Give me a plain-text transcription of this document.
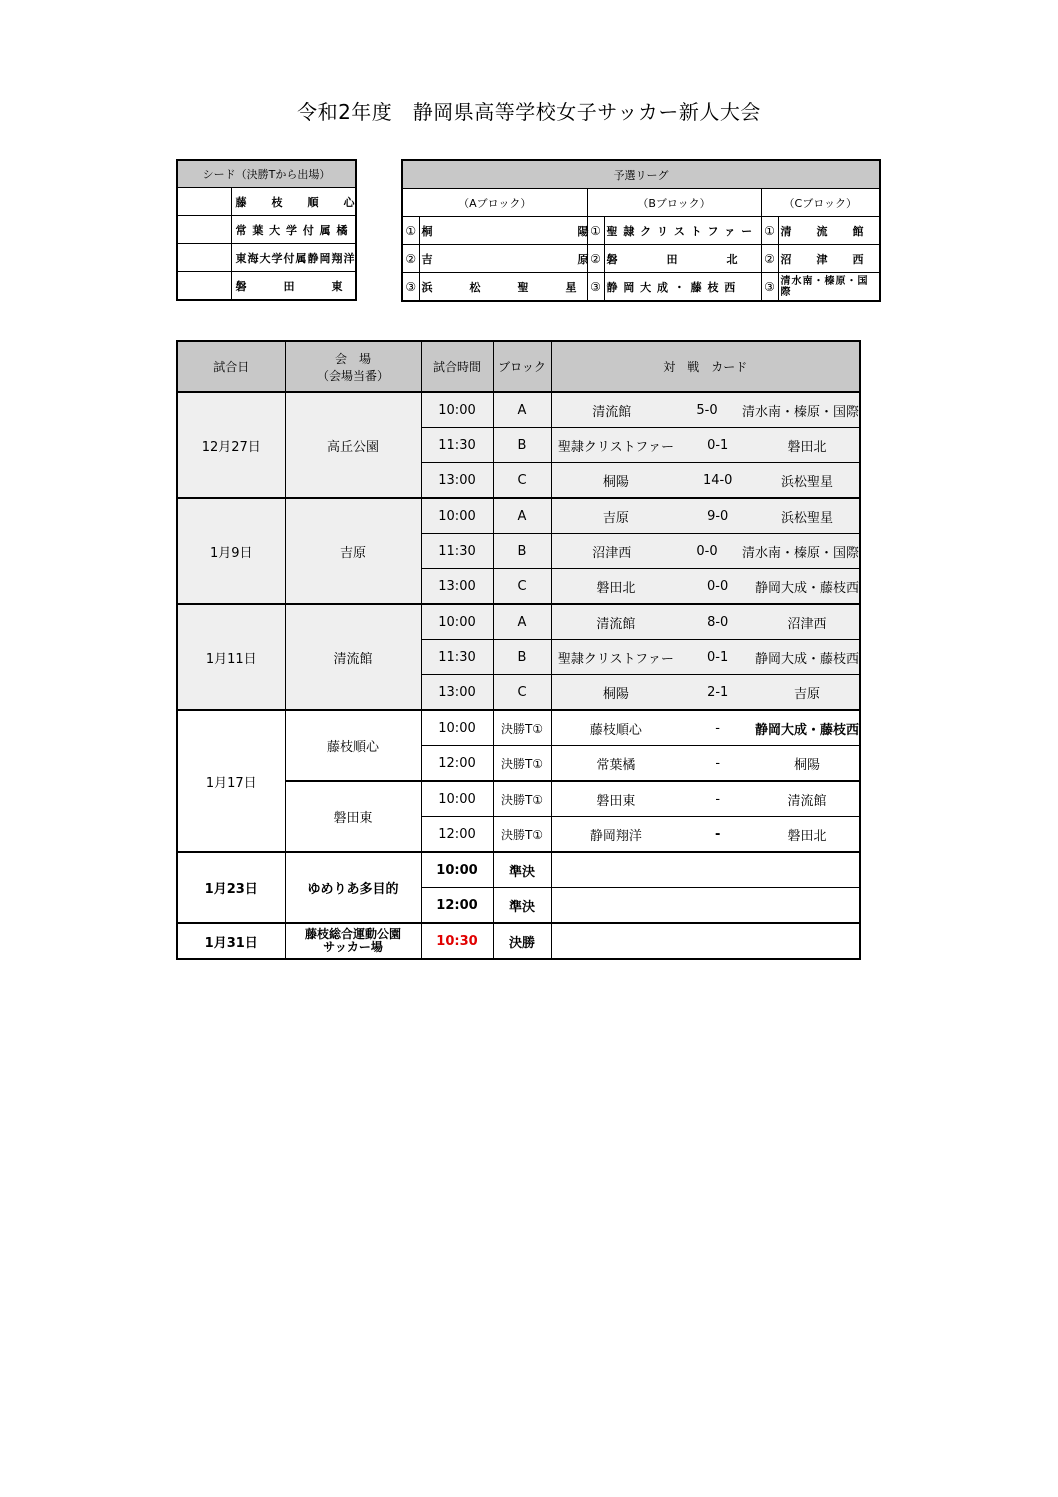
令和2年度　静岡県高等学校女子サッカー新人大会
シード（決勝Tから出場）	
	藤　　枝　　順　　心
	常 葉 大 学 付 属 橘
	東海大学付属静岡翔洋
	磐　　　田　　　東
予選リーグ					
（Aブロック）		（Bブロック）		（Cブロック）	
①	桐　　　　　　　　　　　　陽	①	聖 隷 ク リ ス ト フ ァ ー	①	清　　流　　館
②	吉　　　　　　　　　　　　原	②	磐　　　　田　　　　北	②	沼　　津　　西
③	浜　　　松　　　聖　　　星	③	静 岡 大 成 ・ 藤 枝 西	③	清水南・榛原・国際
試合日	会　場
（会場当番）	試合時間	ブロック	対　戦　カード
12月27日	高丘公園	10:00	A	清流館 5-0 清水南・榛原・国際

		11:30	B	聖隷クリストファー 0-1 磐田北

		13:00	C	桐陽 14-0 浜松聖星

1月9日	吉原	10:00	A	吉原 9-0 浜松聖星

		11:30	B	沼津西 0-0 清水南・榛原・国際

		13:00	C	磐田北 0-0 静岡大成・藤枝西

1月11日	清流館	10:00	A	清流館 8-0 沼津西

		11:30	B	聖隷クリストファー 0-1 静岡大成・藤枝西

		13:00	C	桐陽 2-1 吉原

1月17日	藤枝順心	10:00	決勝T①	藤枝順心 - 静岡大成・藤枝西

		12:00	決勝T①	常葉橘 - 桐陽

	磐田東	10:00	決勝T①	磐田東 - 清流館

		12:00	決勝T①	静岡翔洋 - 磐田北

1月23日	ゆめりあ多目的	10:00	準決	
		12:00	準決	
1月31日	藤枝総合運動公園
サッカー場	10:30	決勝	
